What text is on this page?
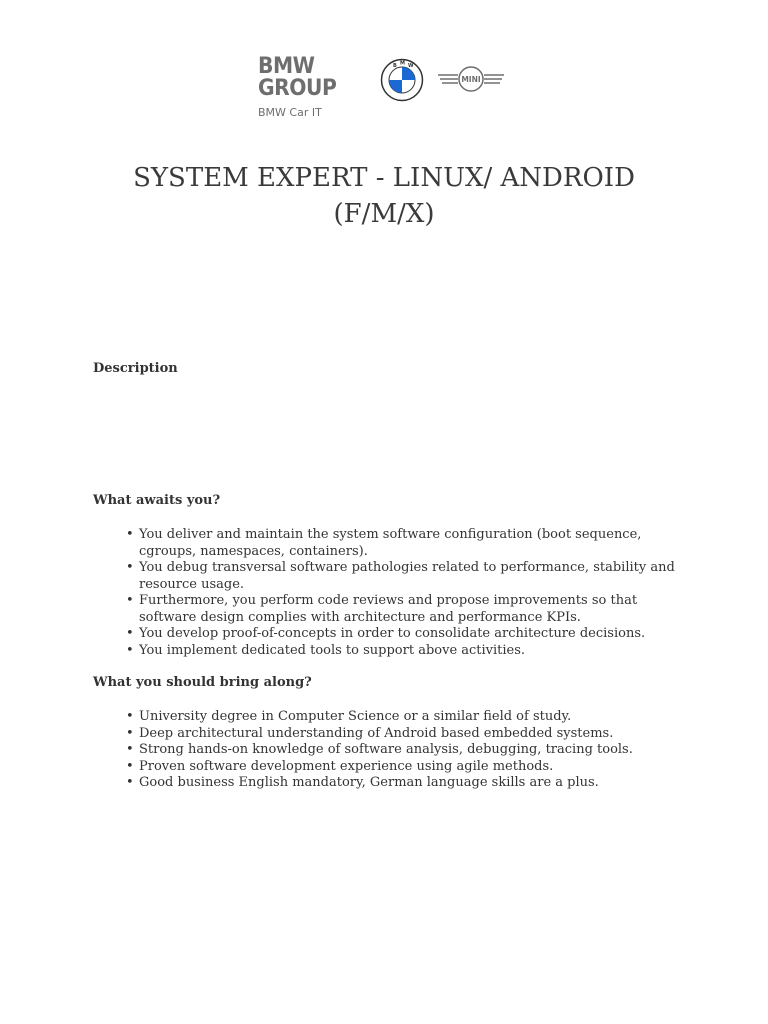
BMW
GROUP
BMW Car IT
B M W
MINI
SYSTEM EXPERT - LINUX/ ANDROID
(F/M/X)

Description

What awaits you?

• You deliver and maintain the system software configuration (boot sequence,
cgroups, namespaces, containers).
• You debug transversal software pathologies related to performance, stability and
resource usage.
• Furthermore, you perform code reviews and propose improvements so that
software design complies with architecture and performance KPIs.
• You develop proof-of-concepts in order to consolidate architecture decisions.
• You implement dedicated tools to support above activities.

What you should bring along?

• University degree in Computer Science or a similar field of study.
• Deep architectural understanding of Android based embedded systems.
• Strong hands-on knowledge of software analysis, debugging, tracing tools.
• Proven software development experience using agile methods.
• Good business English mandatory, German language skills are a plus.
